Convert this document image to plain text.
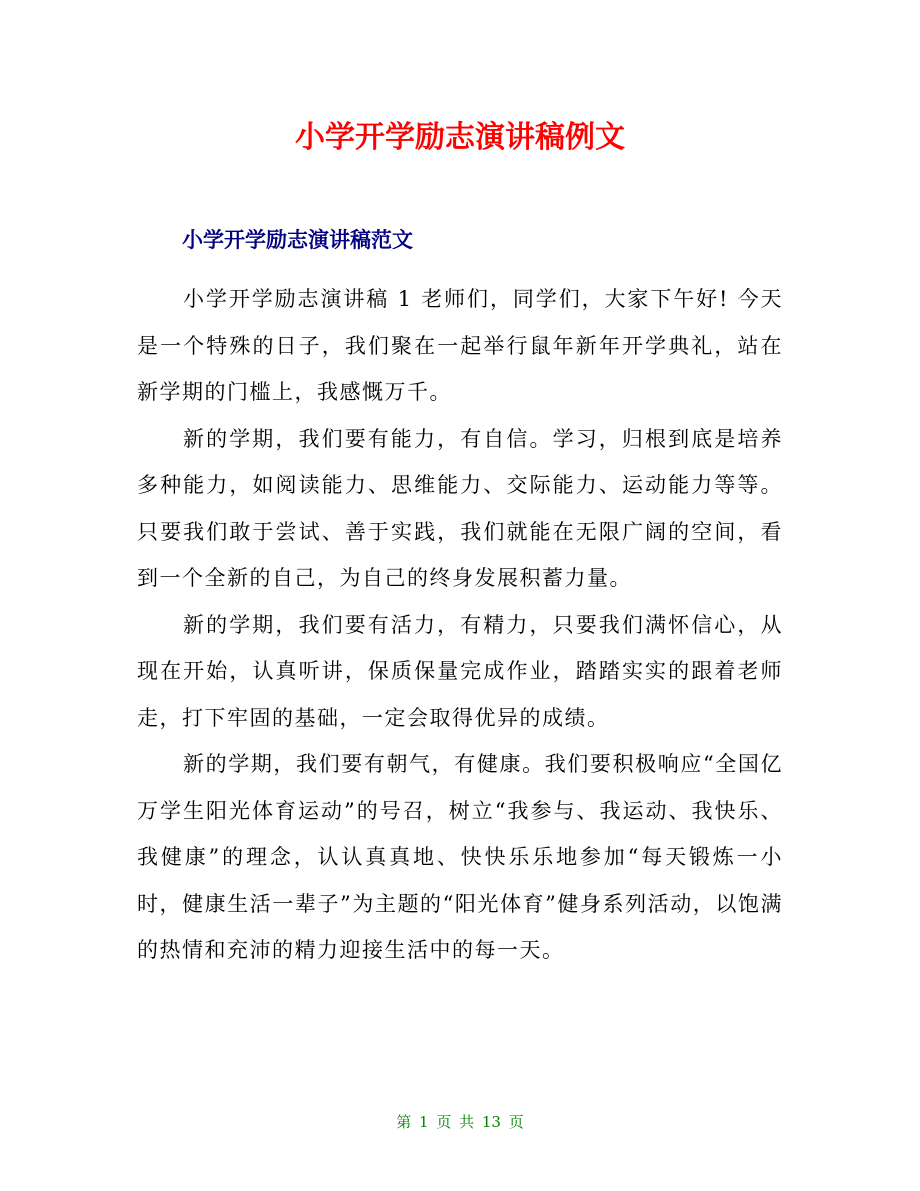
小学开学励志演讲稿例文
小学开学励志演讲稿范文

小学开学励志演讲稿 1 老师们，同学们，大家下午好! 今天是一个特殊的日子，我们聚在一起举行鼠年新年开学典礼，站在新学期的门槛上，我感慨万千。

新的学期，我们要有能力，有自信。学习，归根到底是培养多种能力，如阅读能力、思维能力、交际能力、运动能力等等。只要我们敢于尝试、善于实践，我们就能在无限广阔的空间，看到一个全新的自己，为自己的终身发展积蓄力量。

新的学期，我们要有活力，有精力，只要我们满怀信心，从现在开始，认真听讲，保质保量完成作业，踏踏实实的跟着老师走，打下牢固的基础，一定会取得优异的成绩。

新的学期，我们要有朝气，有健康。我们要积极响应“全国亿万学生阳光体育运动”的号召，树立“我参与、我运动、我快乐、我健康”的理念，认认真真地、快快乐乐地参加“每天锻炼一小时，健康生活一辈子”为主题的“阳光体育”健身系列活动，以饱满的热情和充沛的精力迎接生活中的每一天。

第 1 页 共 13 页
